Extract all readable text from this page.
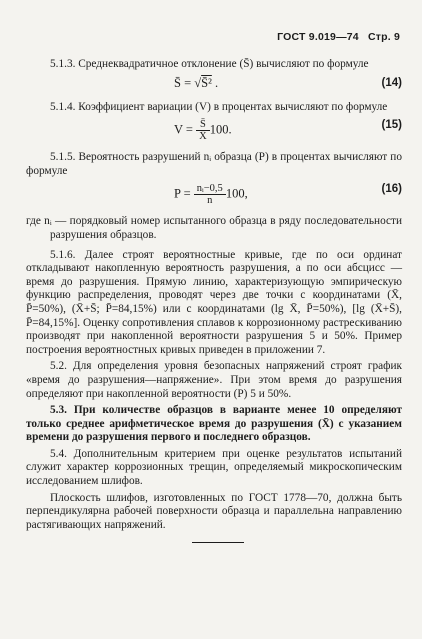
ГОСТ 9.019—74 Стр. 9

5.1.3. Среднеквадратичное отклонение (S̄) вычисляют по формуле

S̄ = √S̄² .	(14)

5.1.4. Коэффициент вариации (V) в процентах вычисляют по формуле

$V = \frac{S̄}{X̄} 100$.	(15)

5.1.5. Вероятность разрушений nᵢ образца (P) в процентах вычисляют по формуле

$P = \frac{\text{nᵢ−0,5}}{n} 100$,	(16)

где nᵢ — порядковый номер испытанного образца в ряду последовательности разрушения образцов.

5.1.6. Далее строят вероятностные кривые, где по оси ординат откладывают накопленную вероятность разрушения, а по оси абсцисс — время до разрушения. Прямую линию, характеризующую эмпирическую функцию распределения, проводят через две точки с координатами (X̄, P̄=50%), (X̄+S̄; P̄=84,15%) или с координатами (lg X̄, P̄=50%), [lg (X̄+S̄), P̄=84,15%]. Оценку сопротивления сплавов к коррозионному растрескиванию производят при накопленной вероятности разрушения 5 и 50%. Пример построения вероятностных кривых приведен в приложении 7.

5.2. Для определения уровня безопасных напряжений строят график «время до разрушения—напряжение». При этом время до разрушения определяют при накопленной вероятности (P) 5 и 50%.

5.3. При количестве образцов в варианте менее 10 определяют только среднее арифметическое время до разрушения (X̄) с указанием времени до разрушения первого и последнего образцов.

5.4. Дополнительным критерием при оценке результатов испытаний служит характер коррозионных трещин, определяемый микроскопическим исследованием шлифов.

Плоскость шлифов, изготовленных по ГОСТ 1778—70, должна быть перпендикулярна рабочей поверхности образца и параллельна направлению растягивающих напряжений.
